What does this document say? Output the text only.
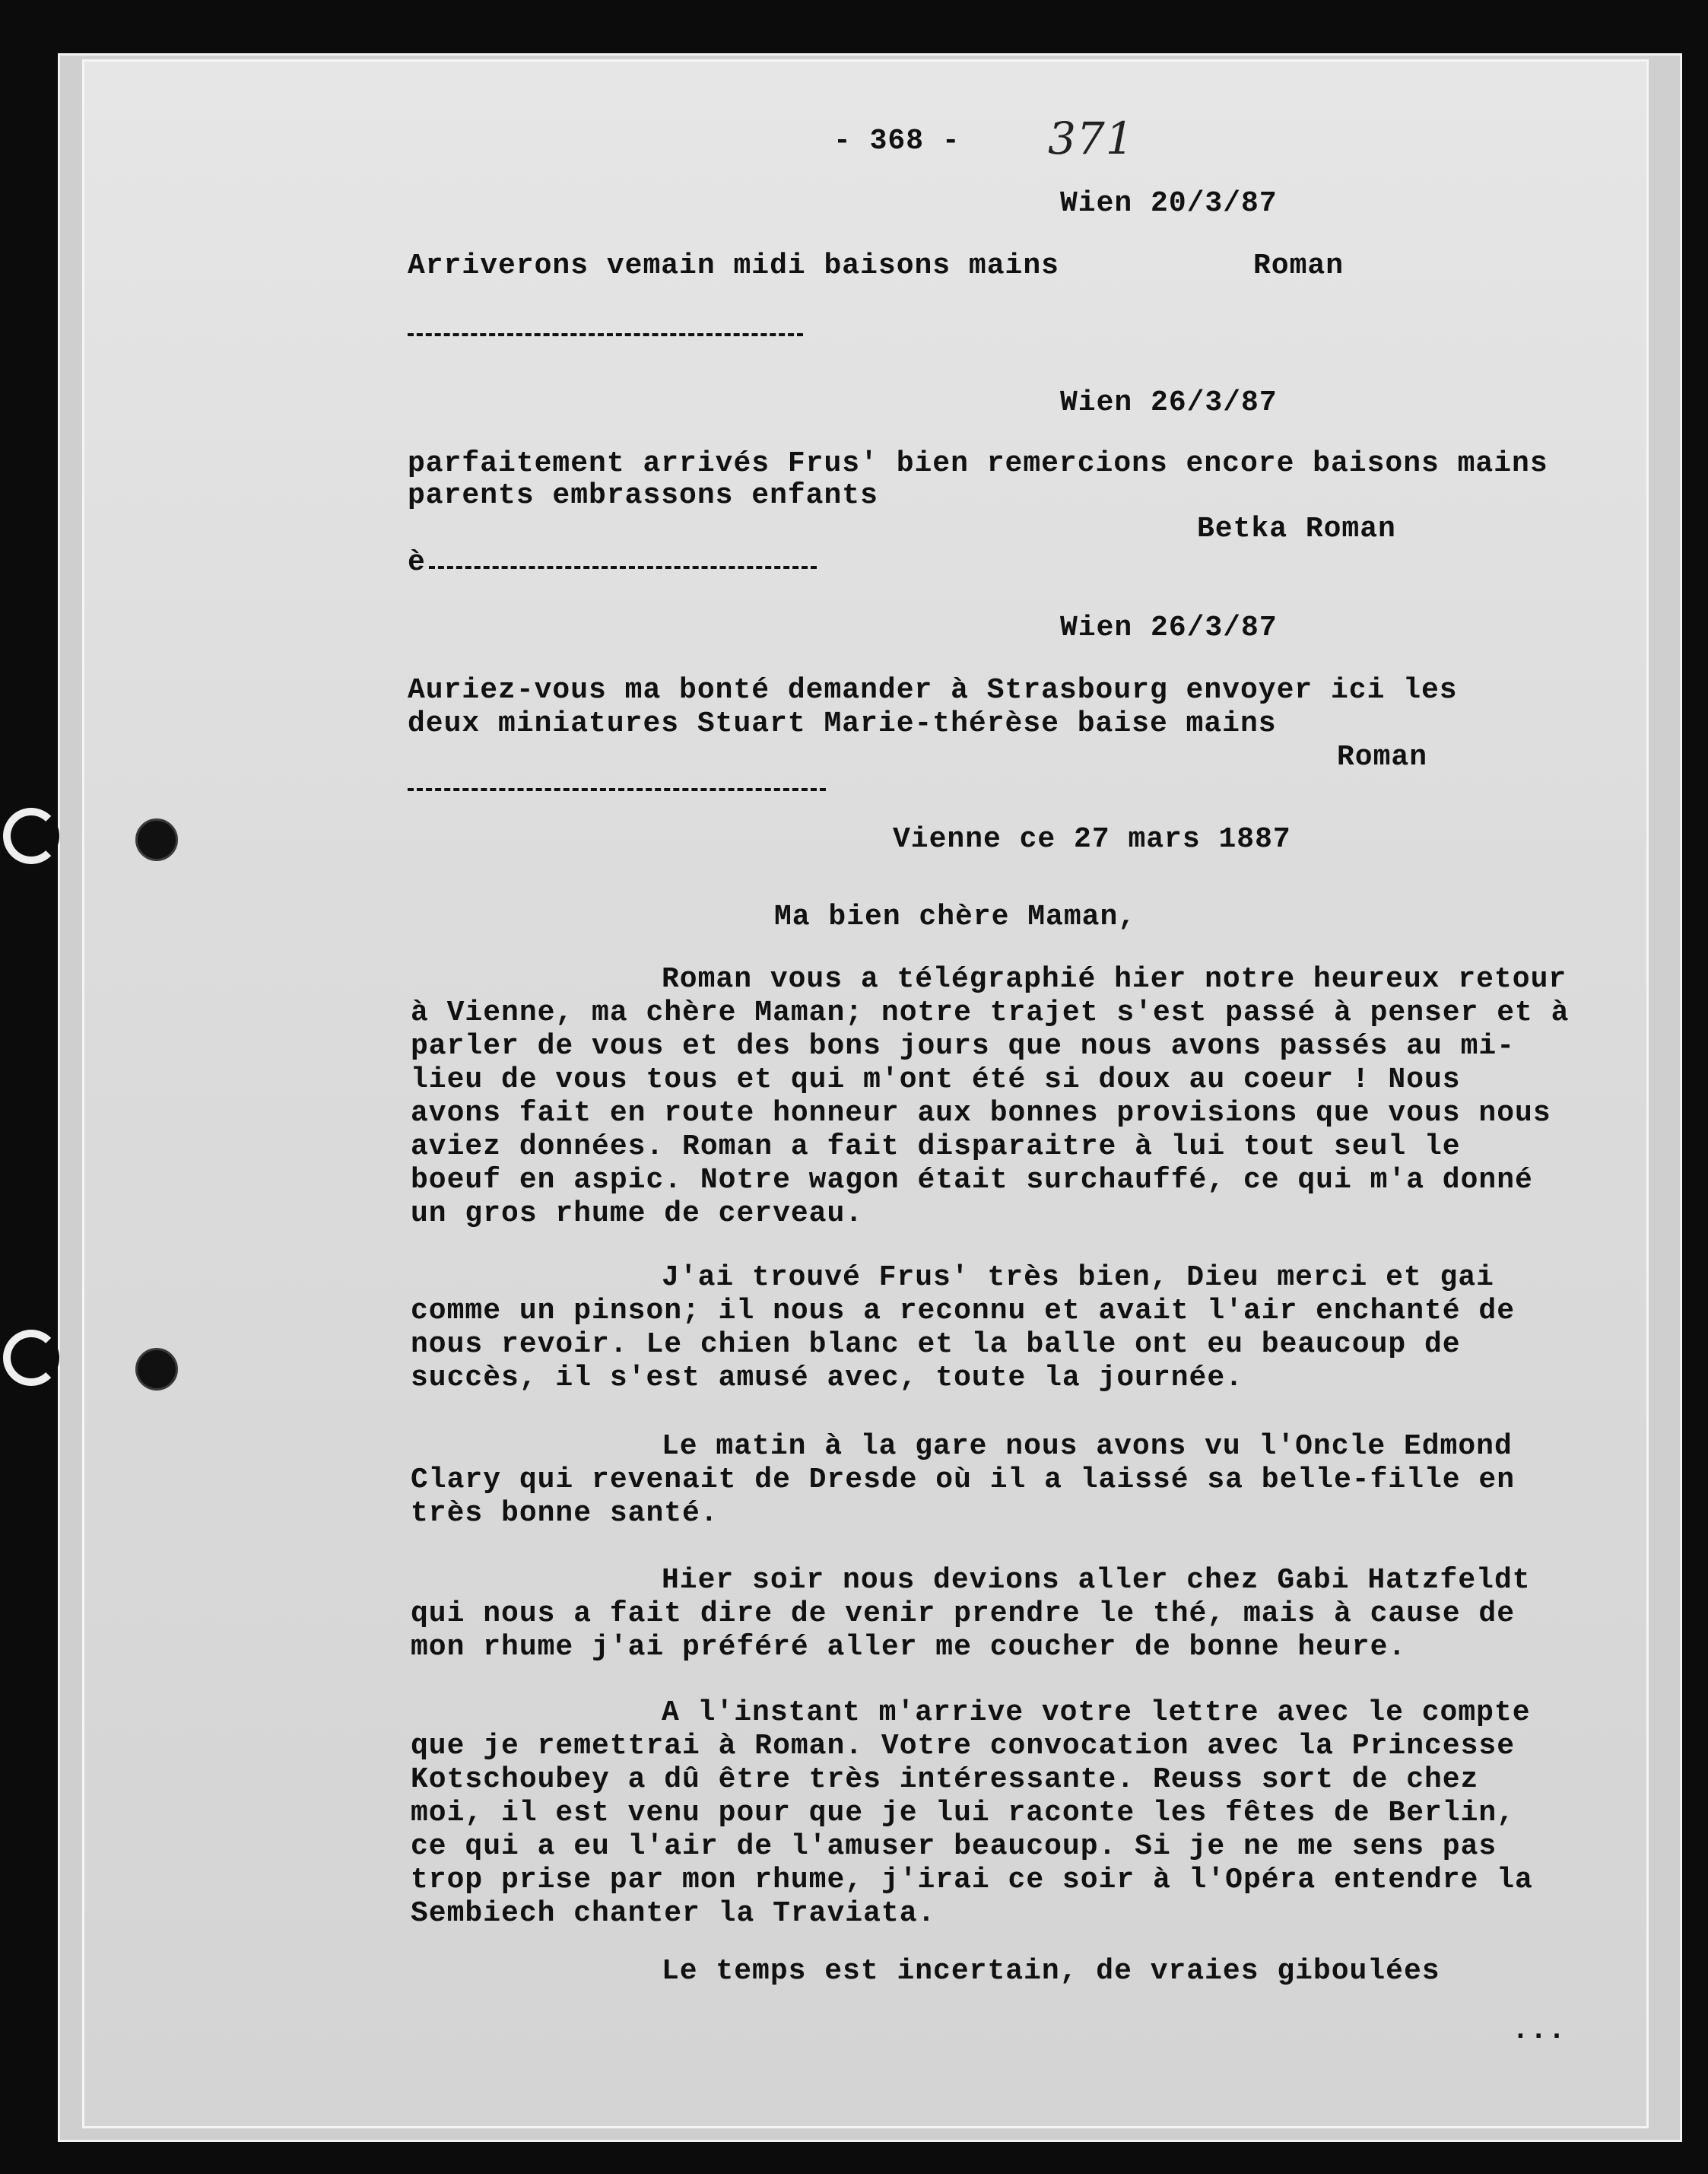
- 368 - 371
Wien 20/3/87
Arriverons vemain midi baisons mains	Roman
Wien 26/3/87
parfaitement arrivés Frus' bien remercions encore baisons mains
parents embrassons enfants
Betka Roman
è
Wien 26/3/87
Auriez-vous ma bonté demander à Strasbourg envoyer ici les
deux miniatures Stuart Marie-thérèse baise mains
Roman
Vienne ce 27 mars 1887
Ma bien chère Maman,

Roman vous a télégraphié hier notre heureux retour

à Vienne, ma chère Maman; notre trajet s'est passé à penser et à

parler de vous et des bons jours que nous avons passés au mi-

lieu de vous tous et qui m'ont été si doux au coeur ! Nous

avons fait en route honneur aux bonnes provisions que vous nous

aviez données. Roman a fait disparaitre à lui tout seul le

boeuf en aspic. Notre wagon était surchauffé, ce qui m'a donné

un gros rhume de cerveau.

J'ai trouvé Frus' très bien, Dieu merci et gai

comme un pinson; il nous a reconnu et avait l'air enchanté de

nous revoir. Le chien blanc et la balle ont eu beaucoup de

succès, il s'est amusé avec, toute la journée.

Le matin à la gare nous avons vu l'Oncle Edmond

Clary qui revenait de Dresde où il a laissé sa belle-fille en

très bonne santé.

Hier soir nous devions aller chez Gabi Hatzfeldt

qui nous a fait dire de venir prendre le thé, mais à cause de

mon rhume j'ai préféré aller me coucher de bonne heure.

A l'instant m'arrive votre lettre avec le compte

que je remettrai à Roman. Votre convocation avec la Princesse

Kotschoubey a dû être très intéressante. Reuss sort de chez

moi, il est venu pour que je lui raconte les fêtes de Berlin,

ce qui a eu l'air de l'amuser beaucoup. Si je ne me sens pas

trop prise par mon rhume, j'irai ce soir à l'Opéra entendre la

Sembiech chanter la Traviata.

Le temps est incertain, de vraies giboulées

...
